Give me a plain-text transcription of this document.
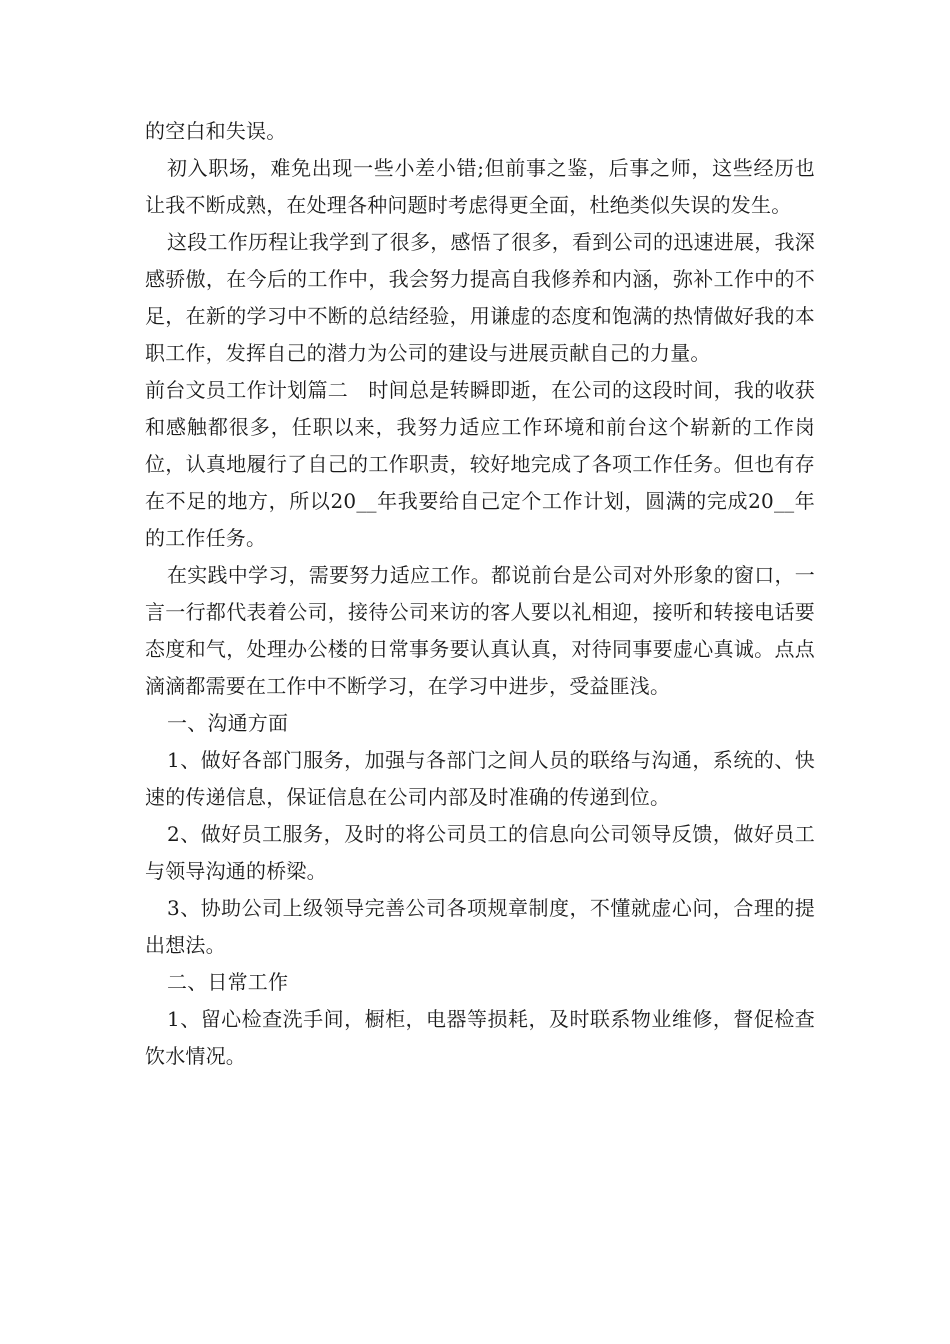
的空白和失误。

初入职场，难免出现一些小差小错;但前事之鉴，后事之师，这些经历也让我不断成熟，在处理各种问题时考虑得更全面，杜绝类似失误的发生。

这段工作历程让我学到了很多，感悟了很多，看到公司的迅速进展，我深感骄傲，在今后的工作中，我会努力提高自我修养和内涵，弥补工作中的不足，在新的学习中不断的总结经验，用谦虚的态度和饱满的热情做好我的本职工作，发挥自己的潜力为公司的建设与进展贡献自己的力量。

前台文员工作计划篇二　时间总是转瞬即逝，在公司的这段时间，我的收获和感触都很多，任职以来，我努力适应工作环境和前台这个崭新的工作岗位，认真地履行了自己的工作职责，较好地完成了各项工作任务。但也有存在不足的地方，所以20__年我要给自己定个工作计划，圆满的完成20__年的工作任务。

在实践中学习，需要努力适应工作。都说前台是公司对外形象的窗口，一言一行都代表着公司，接待公司来访的客人要以礼相迎，接听和转接电话要态度和气，处理办公楼的日常事务要认真认真，对待同事要虚心真诚。点点滴滴都需要在工作中不断学习，在学习中进步，受益匪浅。

一、沟通方面

1、做好各部门服务，加强与各部门之间人员的联络与沟通，系统的、快速的传递信息，保证信息在公司内部及时准确的传递到位。

2、做好员工服务，及时的将公司员工的信息向公司领导反馈，做好员工与领导沟通的桥梁。

3、协助公司上级领导完善公司各项规章制度，不懂就虚心问，合理的提出想法。

二、日常工作

1、留心检查洗手间，橱柜，电器等损耗，及时联系物业维修，督促检查饮水情况。
